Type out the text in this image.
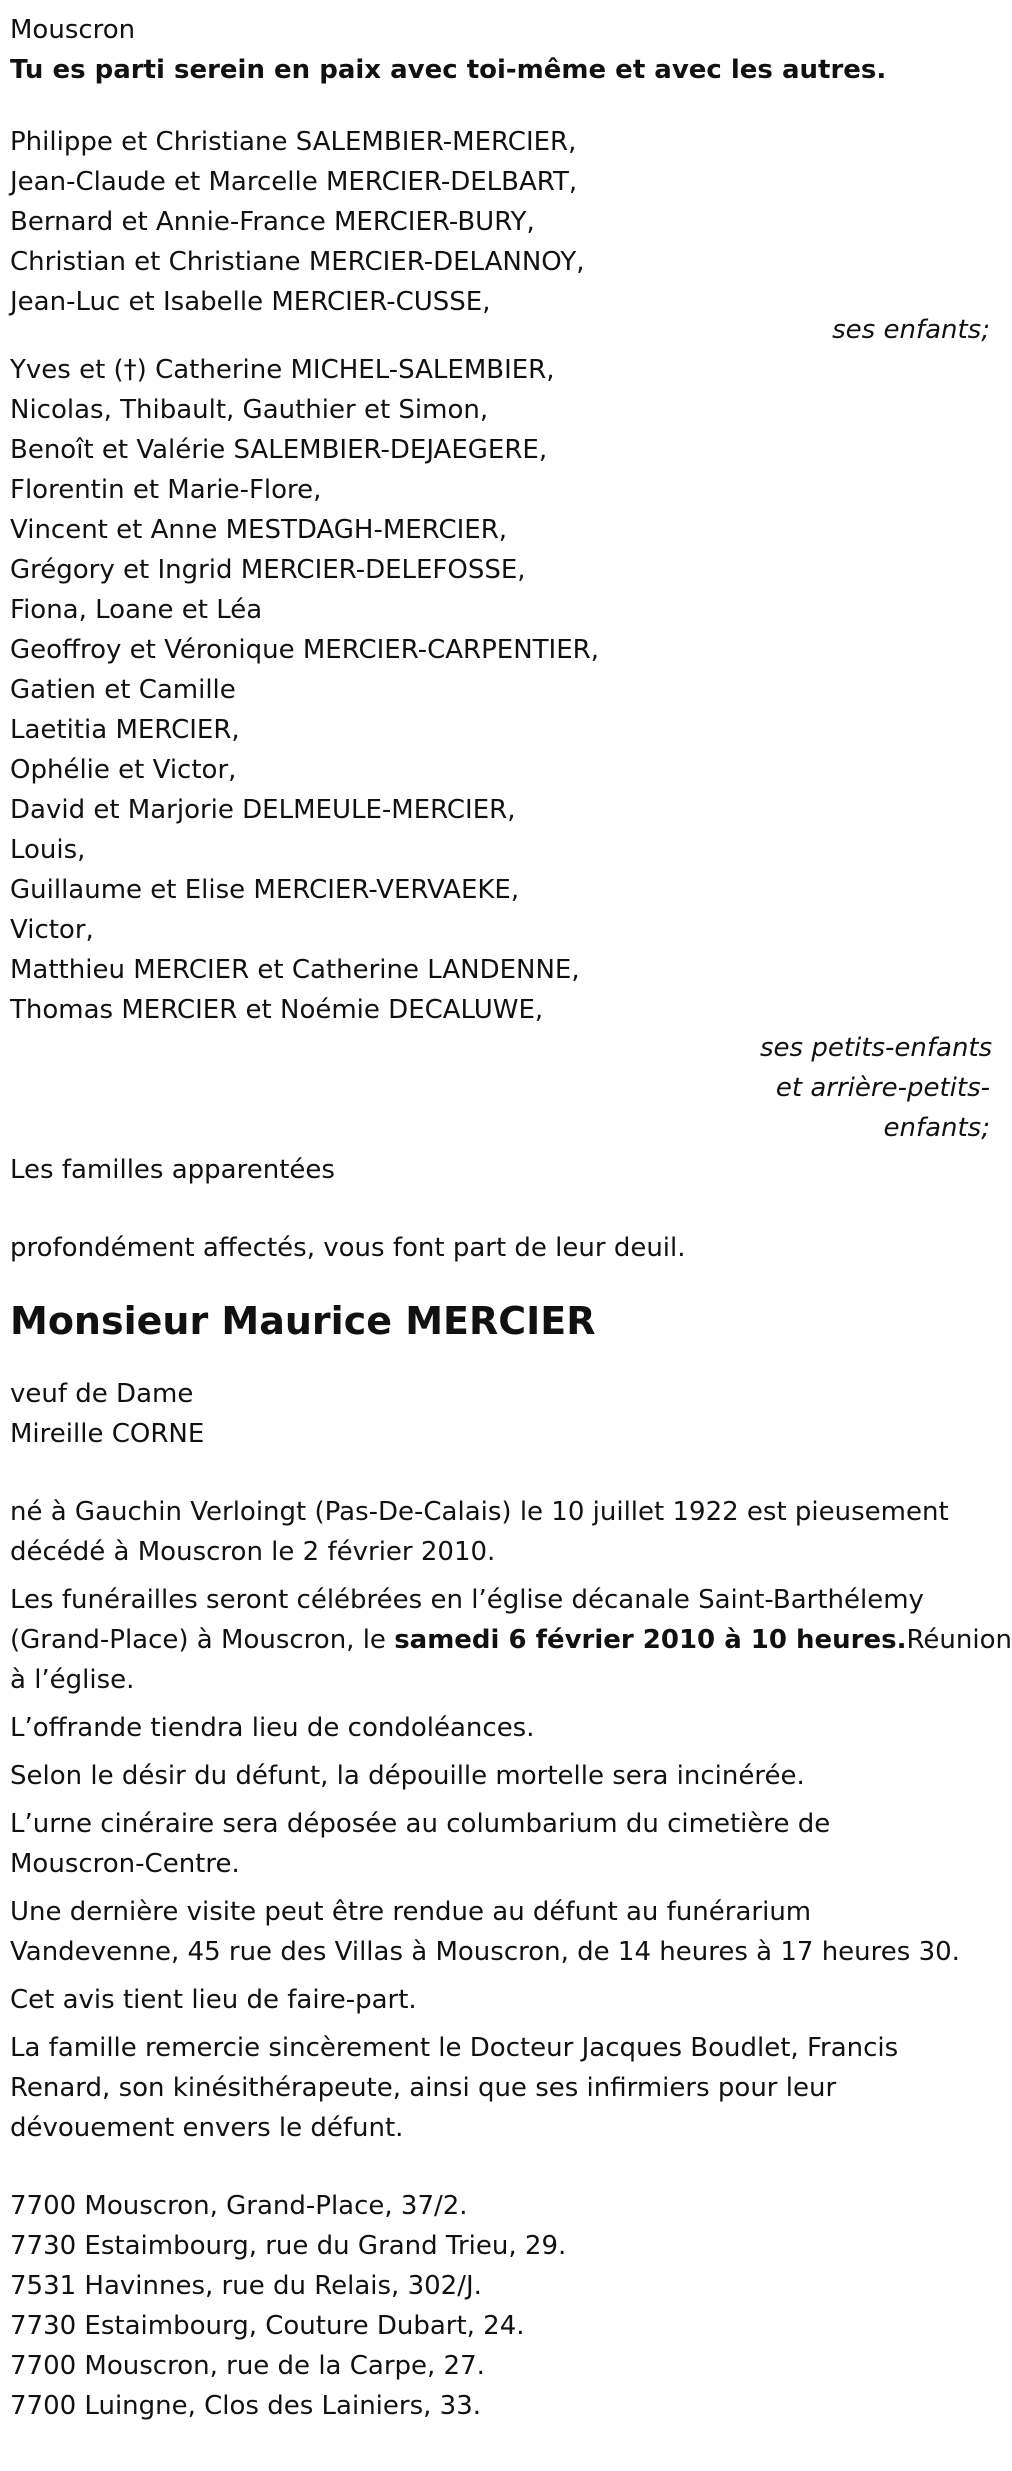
Mouscron
Tu es parti serein en paix avec toi-même et avec les autres.
Philippe et Christiane SALEMBIER-MERCIER,
Jean-Claude et Marcelle MERCIER-DELBART,
Bernard et Annie-France MERCIER-BURY,
Christian et Christiane MERCIER-DELANNOY,
Jean-Luc et Isabelle MERCIER-CUSSE,
ses enfants;
Yves et (†) Catherine MICHEL-SALEMBIER,
Nicolas, Thibault, Gauthier et Simon,
Benoît et Valérie SALEMBIER-DEJAEGERE,
Florentin et Marie-Flore,
Vincent et Anne MESTDAGH-MERCIER,
Grégory et Ingrid MERCIER-DELEFOSSE,
Fiona, Loane et Léa
Geoffroy et Véronique MERCIER-CARPENTIER,
Gatien et Camille
Laetitia MERCIER,
Ophélie et Victor,
David et Marjorie DELMEULE-MERCIER,
Louis,
Guillaume et Elise MERCIER-VERVAEKE,
Victor,
Matthieu MERCIER et Catherine LANDENNE,
Thomas MERCIER et Noémie DECALUWE,
ses petits-enfants
et arrière-petits-
enfants;
Les familles apparentées
profondément affectés, vous font part de leur deuil.
Monsieur Maurice MERCIER
veuf de Dame
Mireille CORNE
né à Gauchin Verloingt (Pas-De-Calais) le 10 juillet 1922 est pieusement
décédé à Mouscron le 2 février 2010.
Les funérailles seront célébrées en l’église décanale Saint-Barthélemy
(Grand-Place) à Mouscron, le samedi 6 février 2010 à 10 heures.Réunion
à l’église.
L’offrande tiendra lieu de condoléances.
Selon le désir du défunt, la dépouille mortelle sera incinérée.
L’urne cinéraire sera déposée au columbarium du cimetière de
Mouscron-Centre.
Une dernière visite peut être rendue au défunt au funérarium
Vandevenne, 45 rue des Villas à Mouscron, de 14 heures à 17 heures 30.
Cet avis tient lieu de faire-part.
La famille remercie sincèrement le Docteur Jacques Boudlet, Francis
Renard, son kinésithérapeute, ainsi que ses infirmiers pour leur
dévouement envers le défunt.
7700 Mouscron, Grand-Place, 37/2.
7730 Estaimbourg, rue du Grand Trieu, 29.
7531 Havinnes, rue du Relais, 302/J.
7730 Estaimbourg, Couture Dubart, 24.
7700 Mouscron, rue de la Carpe, 27.
7700 Luingne, Clos des Lainiers, 33.
